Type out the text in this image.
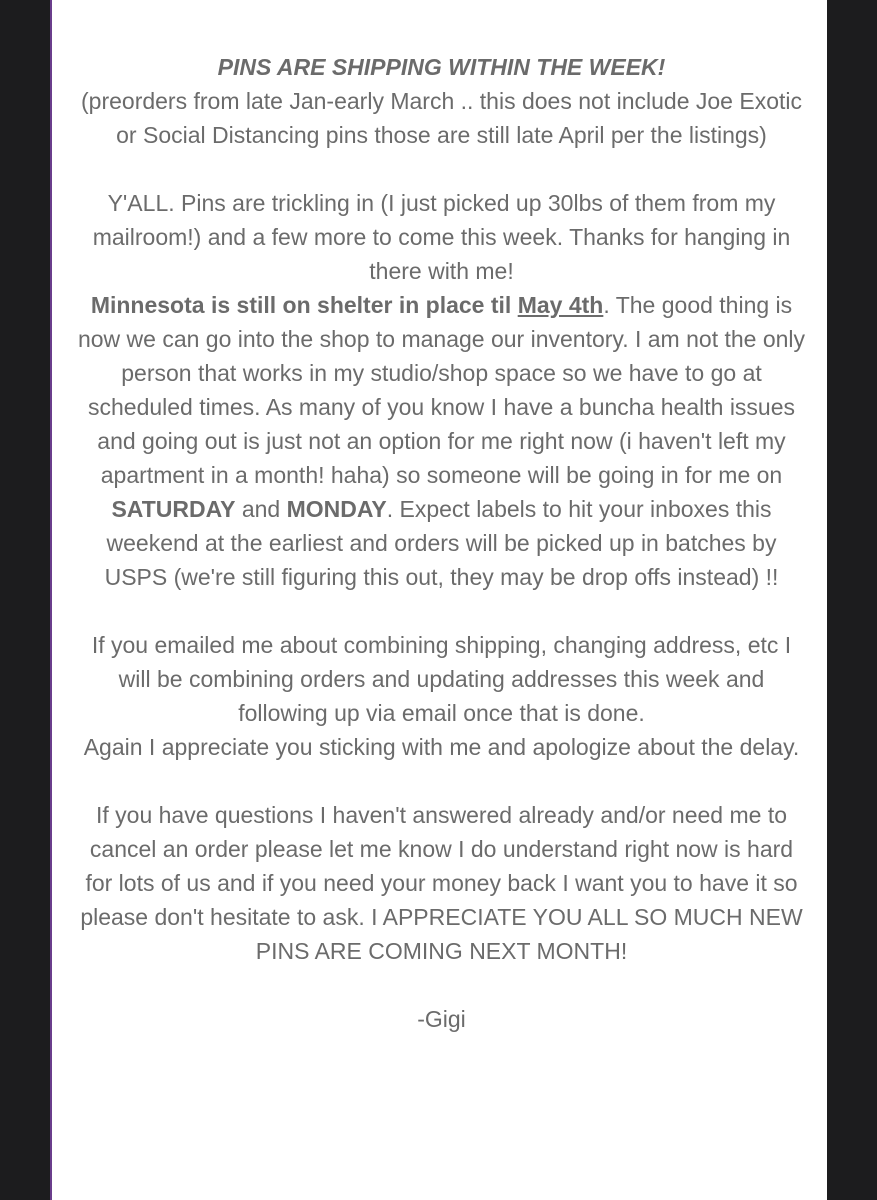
PINS ARE SHIPPING WITHIN THE WEEK!

(preorders from late Jan-early March .. this does not include Joe Exotic or Social Distancing pins those are still late April per the listings)

Y'ALL. Pins are trickling in (I just picked up 30lbs of them from my mailroom!) and a few more to come this week. Thanks for hanging in there with me!

Minnesota is still on shelter in place til May 4th. The good thing is now we can go into the shop to manage our inventory. I am not the only person that works in my studio/shop space so we have to go at scheduled times. As many of you know I have a buncha health issues and going out is just not an option for me right now (i haven't left my apartment in a month! haha) so someone will be going in for me on SATURDAY and MONDAY. Expect labels to hit your inboxes this weekend at the earliest and orders will be picked up in batches by USPS (we're still figuring this out, they may be drop offs instead) !!

If you emailed me about combining shipping, changing address, etc I will be combining orders and updating addresses this week and following up via email once that is done.

Again I appreciate you sticking with me and apologize about the delay.

If you have questions I haven't answered already and/or need me to cancel an order please let me know I do understand right now is hard for lots of us and if you need your money back I want you to have it so please don't hesitate to ask. I APPRECIATE YOU ALL SO MUCH NEW PINS ARE COMING NEXT MONTH!

-Gigi
